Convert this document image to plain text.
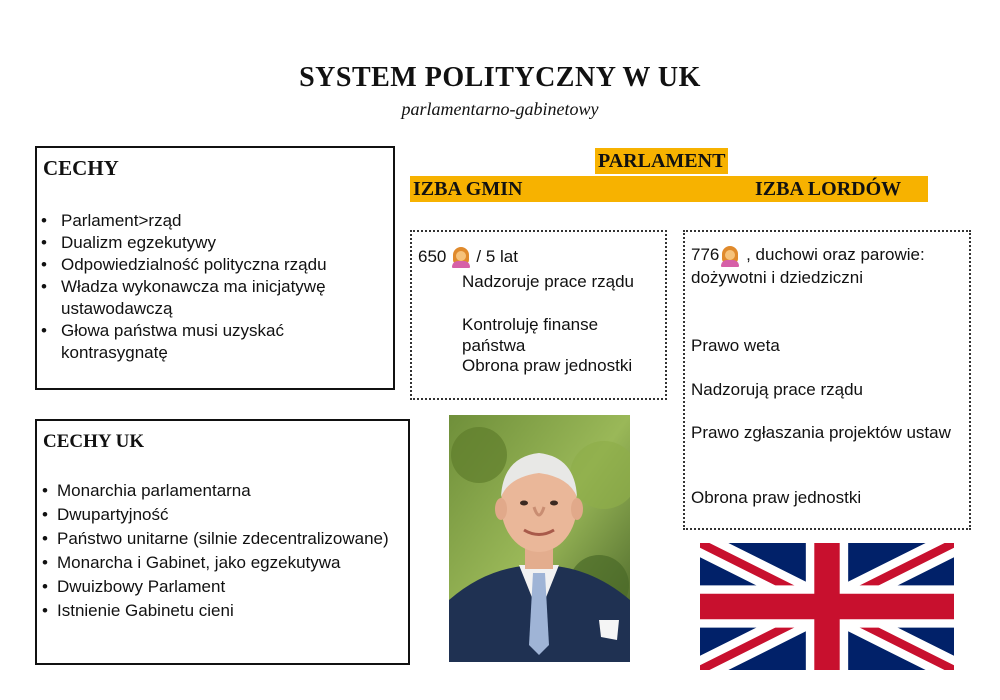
SYSTEM POLITYCZNY W UK
parlamentarno-gabinetowy
CECHY
• Parlament>rząd
• Dualizm egzekutywy
• Odpowiedzialność polityczna rządu
• Władza wykonawcza ma inicjatywę ustawodawczą
• Głowa państwa musi uzyskać kontrasygnatę
CECHY UK
• Monarchia parlamentarna
• Dwupartyjność
• Państwo unitarne (silnie zdecentralizowane)
• Monarcha i Gabinet, jako egzekutywa
• Dwuizbowy Parlament
• Istnienie Gabinetu cieni
PARLAMENT
IZBA GMIN	IZBA LORDÓW
650 / 5 lat
Nadzoruje prace rządu
Kontroluję finanse państwa
Obrona praw jednostki
776 , duchowi oraz parowie: dożywotni i dziedziczni
Prawo weta
Nadzorują prace rządu
Prawo zgłaszania projektów ustaw
Obrona praw jednostki
